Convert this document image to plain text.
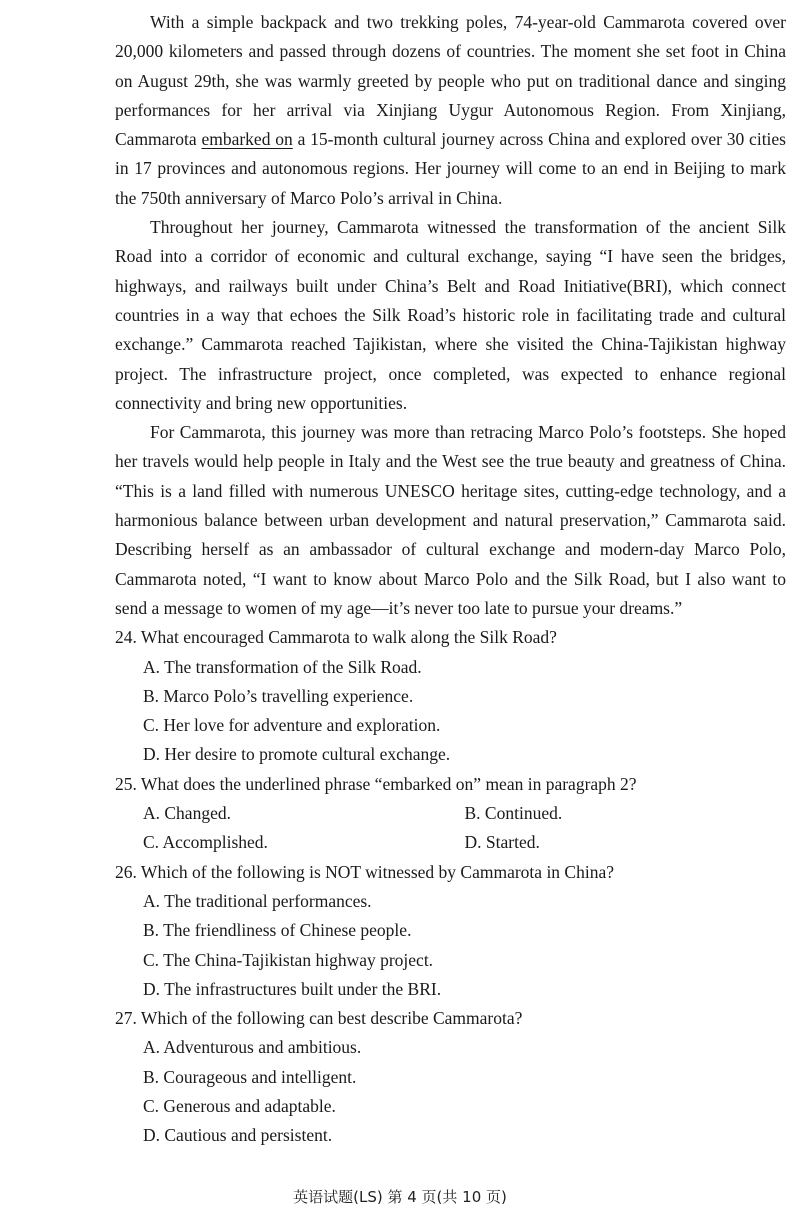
With a simple backpack and two trekking poles, 74-year-old Cammarota covered over 20,000 kilometers and passed through dozens of countries. The moment she set foot in China on August 29th, she was warmly greeted by people who put on traditional dance and singing performances for her arrival via Xinjiang Uygur Autonomous Region. From Xinjiang, Cammarota embarked on a 15-month cultural journey across China and explored over 30 cities in 17 provinces and autonomous regions. Her journey will come to an end in Beijing to mark the 750th anniversary of Marco Polo’s arrival in China.

Throughout her journey, Cammarota witnessed the transformation of the ancient Silk Road into a corridor of economic and cultural exchange, saying “I have seen the bridges, highways, and railways built under China’s Belt and Road Initiative(BRI), which connect countries in a way that echoes the Silk Road’s historic role in facilitating trade and cultural exchange.” Cammarota reached Tajikistan, where she visited the China-Tajikistan highway project. The infrastructure project, once completed, was expected to enhance regional connectivity and bring new opportunities.

For Cammarota, this journey was more than retracing Marco Polo’s footsteps. She hoped her travels would help people in Italy and the West see the true beauty and greatness of China. “This is a land filled with numerous UNESCO heritage sites, cutting-edge technology, and a harmonious balance between urban development and natural preservation,” Cammarota said. Describing herself as an ambassador of cultural exchange and modern-day Marco Polo, Cammarota noted, “I want to know about Marco Polo and the Silk Road, but I also want to send a message to women of my age—it’s never too late to pursue your dreams.”

24. What encouraged Cammarota to walk along the Silk Road?

A. The transformation of the Silk Road.

B. Marco Polo’s travelling experience.

C. Her love for adventure and exploration.

D. Her desire to promote cultural exchange.

25. What does the underlined phrase “embarked on” mean in paragraph 2?

A. Changed.	B. Continued.
C. Accomplished.	D. Started.

26. Which of the following is NOT witnessed by Cammarota in China?

A. The traditional performances.

B. The friendliness of Chinese people.

C. The China-Tajikistan highway project.

D. The infrastructures built under the BRI.

27. Which of the following can best describe Cammarota?

A. Adventurous and ambitious.

B. Courageous and intelligent.

C. Generous and adaptable.

D. Cautious and persistent.

英语试题(LS) 第 4 页(共 10 页)
